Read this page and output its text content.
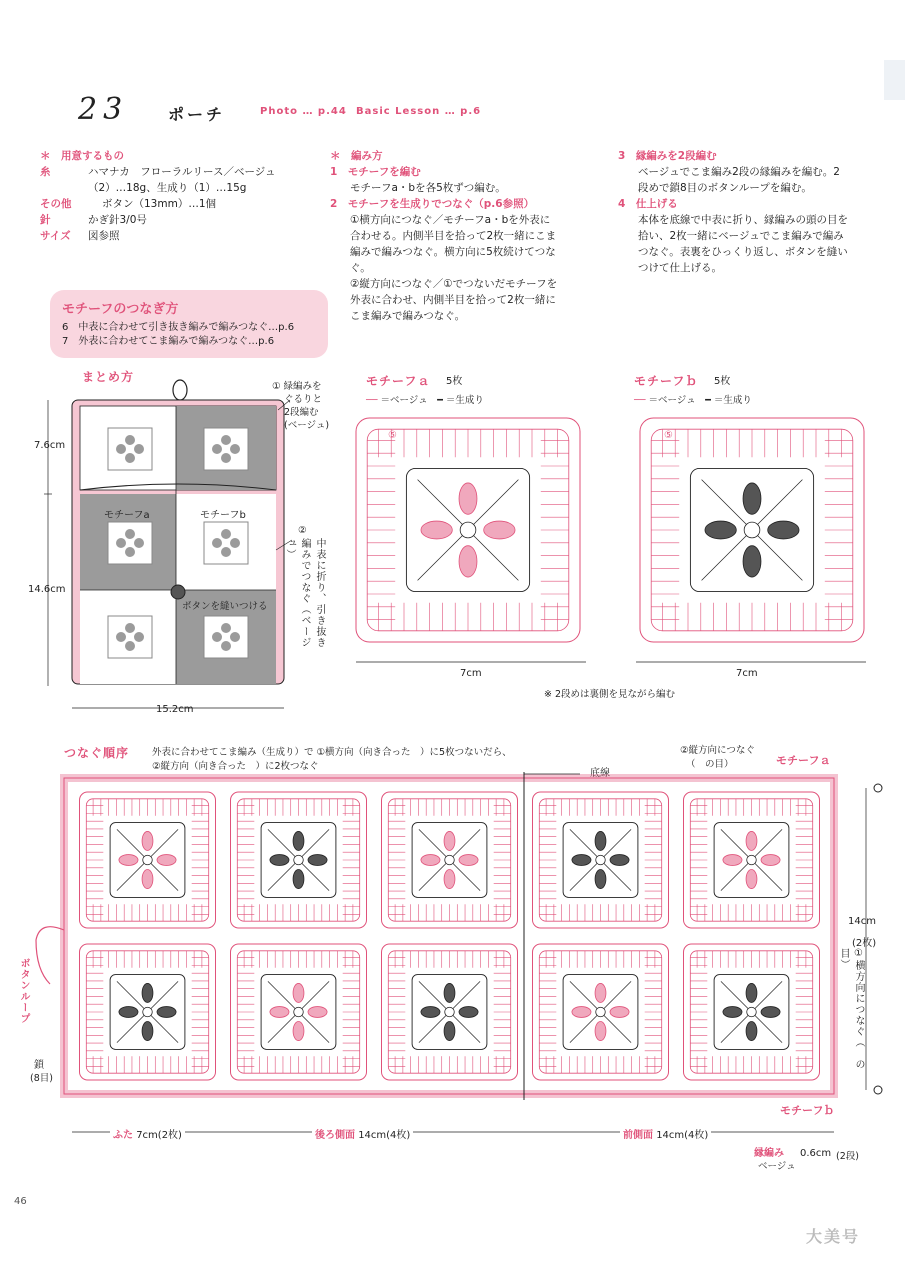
23 ポーチ	Photo … p.44 Basic Lesson … p.6
＊　 用意するもの
糸	ハマナカ　フローラルリース／ベージュ
（2）…18g、生成り（1）…15g
その他	ボタン（13mm）…1個
針	かぎ針3/0号
サイズ	図参照
＊　 編み方
1　 モチーフを編む
モチーフa・bを各5枚ずつ編む。
2　 モチーフを生成りでつなぐ（p.6参照）
①横方向につなぐ／モチーフa・bを外表に
合わせる。内側半目を拾って2枚一緒にこま
編みで編みつなぐ。横方向に5枚続けてつな
ぐ。
②縦方向につなぐ／①でつないだモチーフを
外表に合わせ、内側半目を拾って2枚一緒に
こま編みで編みつなぐ。
3　 縁編みを2段編む
ベージュでこま編み2段の縁編みを編む。2
段めで鎖8目のボタンループを編む。
4　 仕上げる
本体を底線で中表に折り、縁編みの頭の目を
拾い、2枚一緒にベージュでこま編みで編み
つなぐ。表裏をひっくり返し、ボタンを縫い
つけて仕上げる。
モチーフのつなぎ方
6　中表に合わせて引き抜き編みで編みつなぐ…p.6
7　外表に合わせてこま編みで編みつなぐ…p.6
まとめ方
7.6cm
14.6cm
15.2cm
① 緑編みを
ぐるりと
2段編む
(ベージュ)
②
中表に折り、引き抜き編みでつなぐ（ベージュ）
モチーフa	モチーフb
ボタンを縫いつける
モチーフａ 5枚
── ＝ベージュ　 ━ ＝生成り
⑤
7cm
モチーフｂ 5枚
── ＝ベージュ　 ━ ＝生成り
⑤
7cm
※ 2段めは裏側を見ながら編む
つなぐ順序 外表に合わせてこま編み（生成り）で ①横方向（向き合った　）に5枚つないだら、
②縦方向（向き合った　）に2枚つなぐ
底線
②縦方向につなぐ
（　の目）	モチーフａ
14cm
(2枚)
①横方向につなぐ（　の目）
ボタンループ
鎖
(8目)
モチーフｂ
ふた 7cm(2枚)	後ろ側面 14cm(4枚)	前側面 14cm(4枚)
縁編み
ベージュ
0.6cm (2段)
46
大美号
